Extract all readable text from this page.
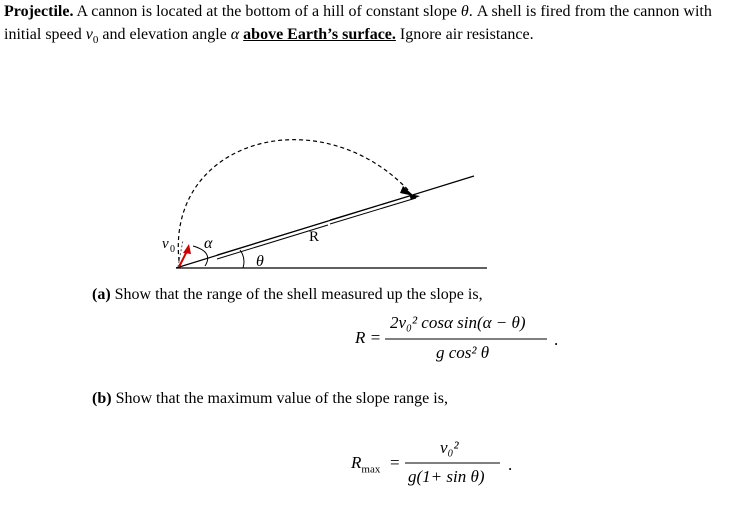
Projectile. A cannon is located at the bottom of a hill of constant slope θ. A shell is fired from the cannon with initial speed $v_0$ and elevation angle α above Earth’s surface. Ignore air resistance.
v 0 α
θ
R
(a) Show that the range of the shell measured up the slope is,
R =
2v₀² cosα sin(α − θ)
g cos² θ
.
(b) Show that the maximum value of the slope range is,
$R_{max}$ =
v₀²
g(1+ sin θ)
.
